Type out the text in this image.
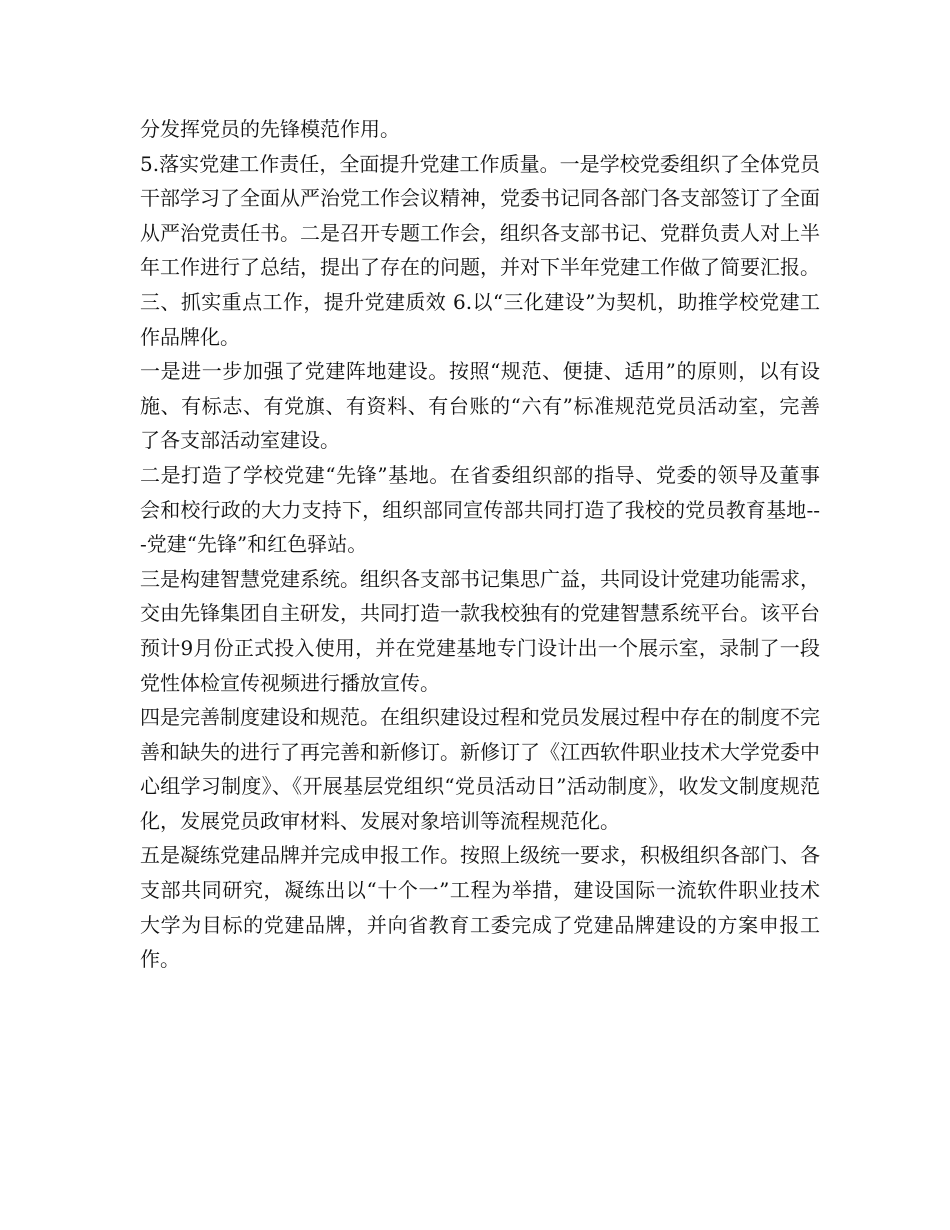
分发挥党员的先锋模范作用。

5.落实党建工作责任，全面提升党建工作质量。一是学校党委组织了全体党员干部学习了全面从严治党工作会议精神，党委书记同各部门各支部签订了全面从严治党责任书。二是召开专题工作会，组织各支部书记、党群负责人对上半年工作进行了总结，提出了存在的问题，并对下半年党建工作做了简要汇报。

三、抓实重点工作，提升党建质效 6.以“三化建设”为契机，助推学校党建工作品牌化。

一是进一步加强了党建阵地建设。按照“规范、便捷、适用”的原则，以有设施、有标志、有党旗、有资料、有台账的“六有”标准规范党员活动室，完善了各支部活动室建设。

二是打造了学校党建“先锋”基地。在省委组织部的指导、党委的领导及董事会和校行政的大力支持下，组织部同宣传部共同打造了我校的党员教育基地---党建“先锋”和红色驿站。

三是构建智慧党建系统。组织各支部书记集思广益，共同设计党建功能需求，交由先锋集团自主研发，共同打造一款我校独有的党建智慧系统平台。该平台预计9月份正式投入使用，并在党建基地专门设计出一个展示室，录制了一段党性体检宣传视频进行播放宣传。

四是完善制度建设和规范。在组织建设过程和党员发展过程中存在的制度不完善和缺失的进行了再完善和新修订。新修订了《江西软件职业技术大学党委中心组学习制度》、《开展基层党组织“党员活动日”活动制度》，收发文制度规范化，发展党员政审材料、发展对象培训等流程规范化。

五是凝练党建品牌并完成申报工作。按照上级统一要求，积极组织各部门、各支部共同研究，凝练出以“十个一”工程为举措，建设国际一流软件职业技术大学为目标的党建品牌，并向省教育工委完成了党建品牌建设的方案申报工作。
